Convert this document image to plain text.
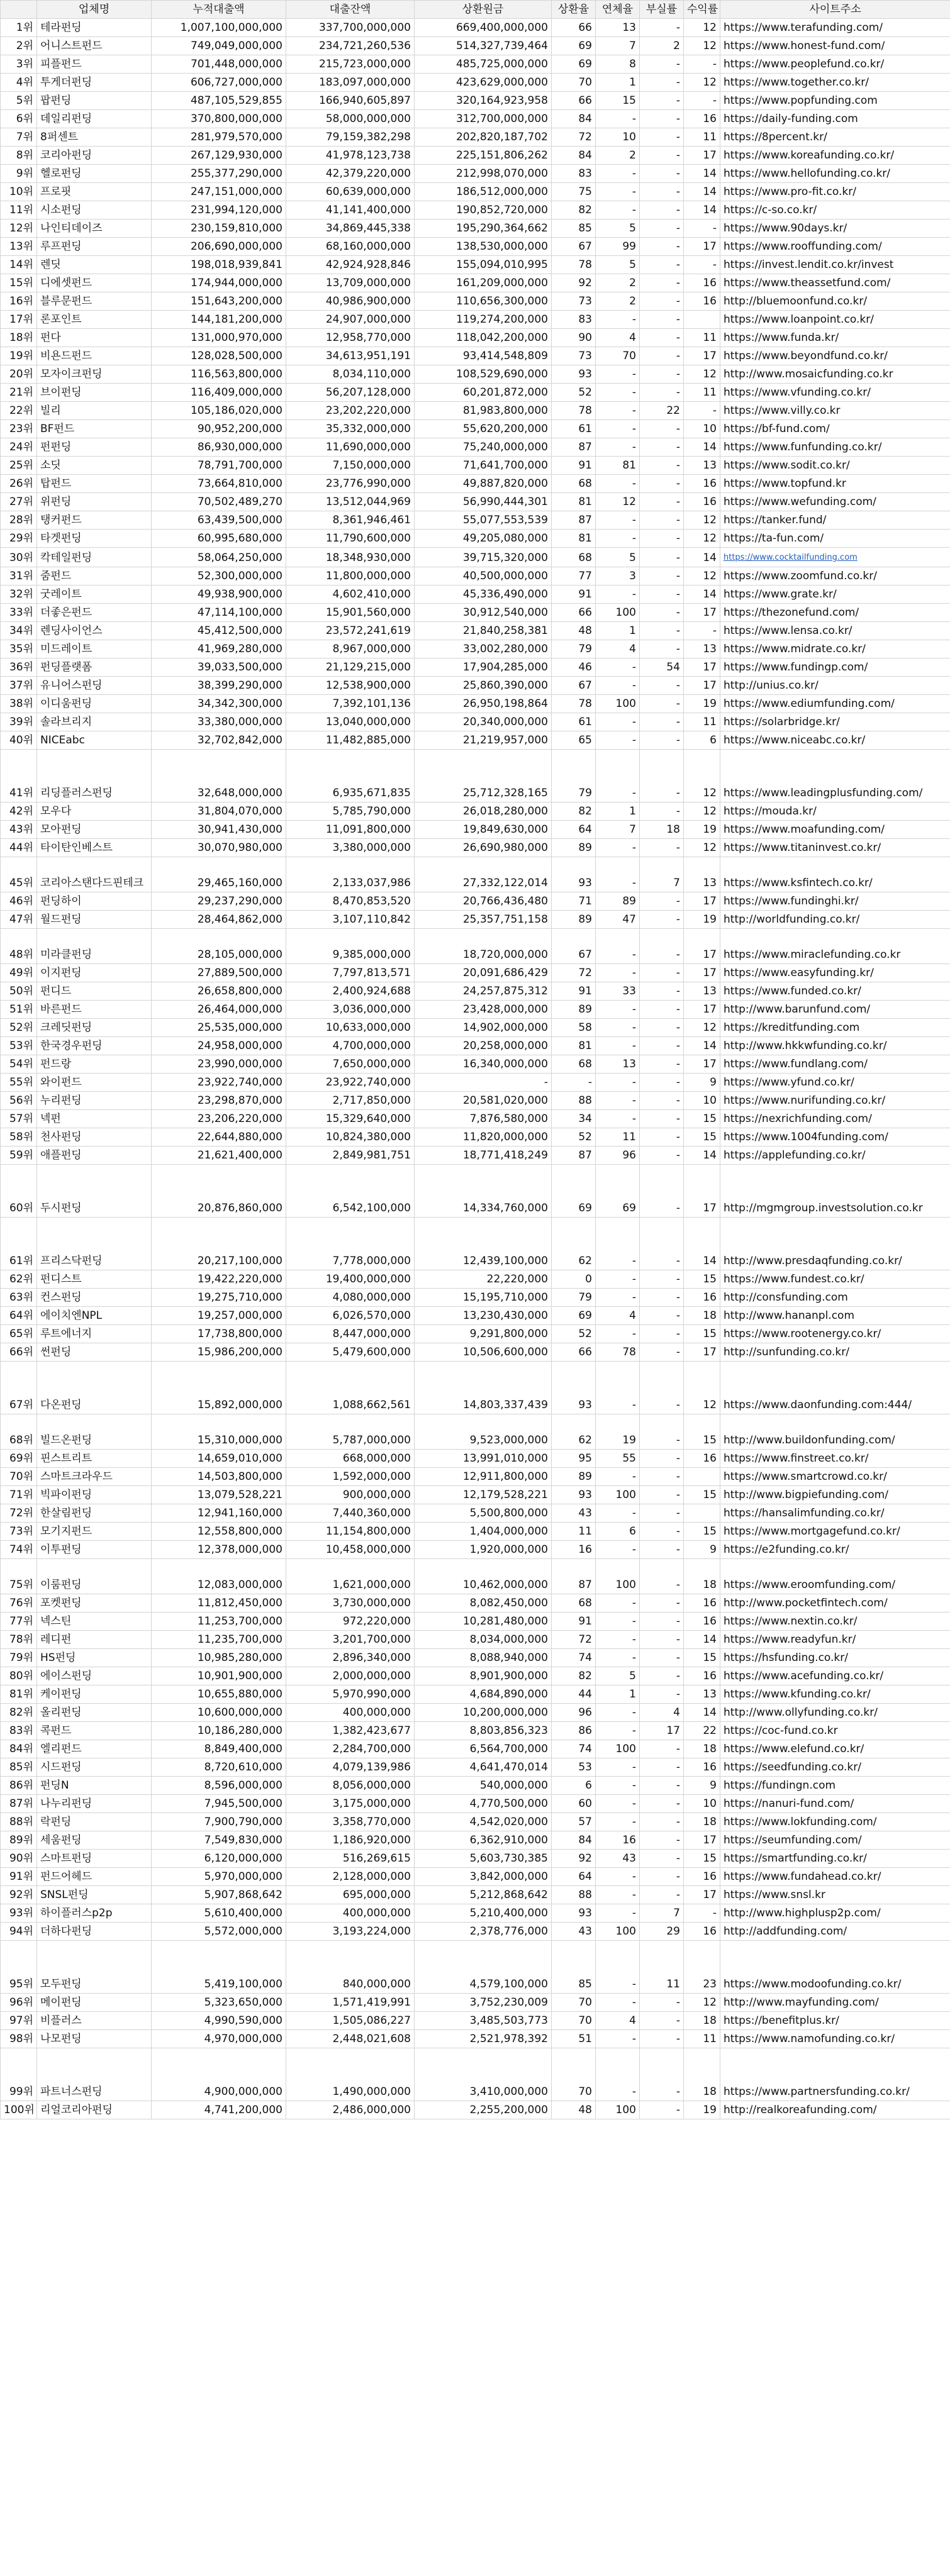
	업체명	누적대출액	대출잔액	상환원금	상환율	연체율	부실률	수익률	사이트주소
1위	테라펀딩	1,007,100,000,000	337,700,000,000	669,400,000,000	66	13	-	12	https://www.terafunding.com/
2위	어니스트펀드	749,049,000,000	234,721,260,536	514,327,739,464	69	7	2	12	https://www.honest-fund.com/
3위	피플펀드	701,448,000,000	215,723,000,000	485,725,000,000	69	8	-	-	https://www.peoplefund.co.kr/
4위	투게더펀딩	606,727,000,000	183,097,000,000	423,629,000,000	70	1	-	12	https://www.together.co.kr/
5위	팝펀딩	487,105,529,855	166,940,605,897	320,164,923,958	66	15	-	-	https://www.popfunding.com
6위	데일리펀딩	370,800,000,000	58,000,000,000	312,700,000,000	84	-	-	16	https://daily-funding.com
7위	8퍼센트	281,979,570,000	79,159,382,298	202,820,187,702	72	10	-	11	https://8percent.kr/
8위	코리아펀딩	267,129,930,000	41,978,123,738	225,151,806,262	84	2	-	17	https://www.koreafunding.co.kr/
9위	헬로펀딩	255,377,290,000	42,379,220,000	212,998,070,000	83	-	-	14	https://www.hellofunding.co.kr/
10위	프로핏	247,151,000,000	60,639,000,000	186,512,000,000	75	-	-	14	https://www.pro-fit.co.kr/
11위	시소펀딩	231,994,120,000	41,141,400,000	190,852,720,000	82	-	-	14	https://c-so.co.kr/
12위	나인티데이즈	230,159,810,000	34,869,445,338	195,290,364,662	85	5	-	-	https://www.90days.kr/
13위	루프펀딩	206,690,000,000	68,160,000,000	138,530,000,000	67	99	-	17	https://www.rooffunding.com/
14위	렌딧	198,018,939,841	42,924,928,846	155,094,010,995	78	5	-	-	https://invest.lendit.co.kr/invest
15위	디에셋펀드	174,944,000,000	13,709,000,000	161,209,000,000	92	2	-	16	https://www.theassetfund.com/
16위	블루문펀드	151,643,200,000	40,986,900,000	110,656,300,000	73	2	-	16	http://bluemoonfund.co.kr/
17위	론포인트	144,181,200,000	24,907,000,000	119,274,200,000	83	-	-		https://www.loanpoint.co.kr/
18위	펀다	131,000,970,000	12,958,770,000	118,042,200,000	90	4	-	11	https://www.funda.kr/
19위	비욘드펀드	128,028,500,000	34,613,951,191	93,414,548,809	73	70	-	17	https://www.beyondfund.co.kr/
20위	모자이크펀딩	116,563,800,000	8,034,110,000	108,529,690,000	93	-	-	12	http://www.mosaicfunding.co.kr
21위	브이펀딩	116,409,000,000	56,207,128,000	60,201,872,000	52	-	-	11	https://www.vfunding.co.kr/
22위	빌리	105,186,020,000	23,202,220,000	81,983,800,000	78	-	22	-	https://www.villy.co.kr
23위	BF펀드	90,952,200,000	35,332,000,000	55,620,200,000	61	-	-	10	https://bf-fund.com/
24위	펀펀딩	86,930,000,000	11,690,000,000	75,240,000,000	87	-	-	14	https://www.funfunding.co.kr/
25위	소딧	78,791,700,000	7,150,000,000	71,641,700,000	91	81	-	13	https://www.sodit.co.kr/
26위	탑펀드	73,664,810,000	23,776,990,000	49,887,820,000	68	-	-	16	https://www.topfund.kr
27위	위펀딩	70,502,489,270	13,512,044,969	56,990,444,301	81	12	-	16	https://www.wefunding.com/
28위	탱커펀드	63,439,500,000	8,361,946,461	55,077,553,539	87	-	-	12	https://tanker.fund/
29위	타겟펀딩	60,995,680,000	11,790,600,000	49,205,080,000	81	-	-	12	https://ta-fun.com/
30위	칵테일펀딩	58,064,250,000	18,348,930,000	39,715,320,000	68	5	-	14	https://www.cocktailfunding.com
31위	줌펀드	52,300,000,000	11,800,000,000	40,500,000,000	77	3	-	12	https://www.zoomfund.co.kr/
32위	굿레이트	49,938,900,000	4,602,410,000	45,336,490,000	91	-	-	14	https://www.grate.kr/
33위	더좋은펀드	47,114,100,000	15,901,560,000	30,912,540,000	66	100	-	17	https://thezonefund.com/
34위	렌딩사이언스	45,412,500,000	23,572,241,619	21,840,258,381	48	1	-	-	https://www.lensa.co.kr/
35위	미드레이트	41,969,280,000	8,967,000,000	33,002,280,000	79	4	-	13	https://www.midrate.co.kr/
36위	펀딩플랫폼	39,033,500,000	21,129,215,000	17,904,285,000	46	-	54	17	https://www.fundingp.com/
37위	유니어스펀딩	38,399,290,000	12,538,900,000	25,860,390,000	67	-	-	17	http://unius.co.kr/
38위	이디움펀딩	34,342,300,000	7,392,101,136	26,950,198,864	78	100	-	19	https://www.ediumfunding.com/
39위	솔라브리지	33,380,000,000	13,040,000,000	20,340,000,000	61	-	-	11	https://solarbridge.kr/
40위	NICEabc	32,702,842,000	11,482,885,000	21,219,957,000	65	-	-	6	https://www.niceabc.co.kr/
41위	리딩플러스펀딩	32,648,000,000	6,935,671,835	25,712,328,165	79	-	-	12	https://www.leadingplusfunding.com/
42위	모우다	31,804,070,000	5,785,790,000	26,018,280,000	82	1	-	12	https://mouda.kr/
43위	모아펀딩	30,941,430,000	11,091,800,000	19,849,630,000	64	7	18	19	https://www.moafunding.com/
44위	타이탄인베스트	30,070,980,000	3,380,000,000	26,690,980,000	89	-	-	12	https://www.titaninvest.co.kr/
45위	코리아스탠다드핀테크	29,465,160,000	2,133,037,986	27,332,122,014	93	-	7	13	https://www.ksfintech.co.kr/
46위	펀딩하이	29,237,290,000	8,470,853,520	20,766,436,480	71	89	-	17	https://www.fundinghi.kr/
47위	월드펀딩	28,464,862,000	3,107,110,842	25,357,751,158	89	47	-	19	http://worldfunding.co.kr/
48위	미라클펀딩	28,105,000,000	9,385,000,000	18,720,000,000	67	-	-	17	https://www.miraclefunding.co.kr
49위	이지펀딩	27,889,500,000	7,797,813,571	20,091,686,429	72	-	-	17	https://www.easyfunding.kr/
50위	펀디드	26,658,800,000	2,400,924,688	24,257,875,312	91	33	-	13	https://www.funded.co.kr/
51위	바른펀드	26,464,000,000	3,036,000,000	23,428,000,000	89	-	-	17	http://www.barunfund.com/
52위	크레딧펀딩	25,535,000,000	10,633,000,000	14,902,000,000	58	-	-	12	https://kreditfunding.com
53위	한국경우펀딩	24,958,000,000	4,700,000,000	20,258,000,000	81	-	-	14	http://www.hkkwfunding.co.kr/
54위	펀드랑	23,990,000,000	7,650,000,000	16,340,000,000	68	13	-	17	https://www.fundlang.com/
55위	와이펀드	23,922,740,000	23,922,740,000	-	-	-	-	9	https://www.yfund.co.kr/
56위	누리펀딩	23,298,870,000	2,717,850,000	20,581,020,000	88	-	-	10	https://www.nurifunding.co.kr/
57위	넥펀	23,206,220,000	15,329,640,000	7,876,580,000	34	-	-	15	https://nexrichfunding.com/
58위	천사펀딩	22,644,880,000	10,824,380,000	11,820,000,000	52	11	-	15	https://www.1004funding.com/
59위	애플펀딩	21,621,400,000	2,849,981,751	18,771,418,249	87	96	-	14	https://applefunding.co.kr/
60위	두시펀딩	20,876,860,000	6,542,100,000	14,334,760,000	69	69	-	17	http://mgmgroup.investsolution.co.kr
61위	프리스닥펀딩	20,217,100,000	7,778,000,000	12,439,100,000	62	-	-	14	http://www.presdaqfunding.co.kr/
62위	펀디스트	19,422,220,000	19,400,000,000	22,220,000	0	-	-	15	https://www.fundest.co.kr/
63위	컨스펀딩	19,275,710,000	4,080,000,000	15,195,710,000	79	-	-	16	http://consfunding.com
64위	에이치엔NPL	19,257,000,000	6,026,570,000	13,230,430,000	69	4	-	18	http://www.hananpl.com
65위	루트에너지	17,738,800,000	8,447,000,000	9,291,800,000	52	-	-	15	https://www.rootenergy.co.kr/
66위	썬펀딩	15,986,200,000	5,479,600,000	10,506,600,000	66	78	-	17	http://sunfunding.co.kr/
67위	다온펀딩	15,892,000,000	1,088,662,561	14,803,337,439	93	-	-	12	https://www.daonfunding.com:444/
68위	빌드온펀딩	15,310,000,000	5,787,000,000	9,523,000,000	62	19	-	15	http://www.buildonfunding.com/
69위	핀스트리트	14,659,010,000	668,000,000	13,991,010,000	95	55	-	16	https://www.finstreet.co.kr/
70위	스마트크라우드	14,503,800,000	1,592,000,000	12,911,800,000	89	-	-		https://www.smartcrowd.co.kr/
71위	빅파이펀딩	13,079,528,221	900,000,000	12,179,528,221	93	100	-	15	http://www.bigpiefunding.com/
72위	한살림펀딩	12,941,160,000	7,440,360,000	5,500,800,000	43	-	-		https://hansalimfunding.co.kr/
73위	모기지펀드	12,558,800,000	11,154,800,000	1,404,000,000	11	6	-	15	https://www.mortgagefund.co.kr/
74위	이투펀딩	12,378,000,000	10,458,000,000	1,920,000,000	16	-	-	9	https://e2funding.co.kr/
75위	이룸펀딩	12,083,000,000	1,621,000,000	10,462,000,000	87	100	-	18	https://www.eroomfunding.com/
76위	포켓펀딩	11,812,450,000	3,730,000,000	8,082,450,000	68	-	-	16	http://www.pocketfintech.com/
77위	넥스틴	11,253,700,000	972,220,000	10,281,480,000	91	-	-	16	https://www.nextin.co.kr/
78위	레디펀	11,235,700,000	3,201,700,000	8,034,000,000	72	-	-	14	https://www.readyfun.kr/
79위	HS펀딩	10,985,280,000	2,896,340,000	8,088,940,000	74	-	-	15	https://hsfunding.co.kr/
80위	에이스펀딩	10,901,900,000	2,000,000,000	8,901,900,000	82	5	-	16	https://www.acefunding.co.kr/
81위	케이펀딩	10,655,880,000	5,970,990,000	4,684,890,000	44	1	-	13	https://www.kfunding.co.kr/
82위	올리펀딩	10,600,000,000	400,000,000	10,200,000,000	96	-	4	14	http://www.ollyfunding.co.kr/
83위	콕펀드	10,186,280,000	1,382,423,677	8,803,856,323	86	-	17	22	https://coc-fund.co.kr
84위	엘리펀드	8,849,400,000	2,284,700,000	6,564,700,000	74	100	-	18	https://www.elefund.co.kr/
85위	시드펀딩	8,720,610,000	4,079,139,986	4,641,470,014	53	-	-	16	https://seedfunding.co.kr/
86위	펀딩N	8,596,000,000	8,056,000,000	540,000,000	6	-	-	9	https://fundingn.com
87위	나누리펀딩	7,945,500,000	3,175,000,000	4,770,500,000	60	-	-	10	https://nanuri-fund.com/
88위	락펀딩	7,900,790,000	3,358,770,000	4,542,020,000	57	-	-	18	https://www.lokfunding.com/
89위	세움펀딩	7,549,830,000	1,186,920,000	6,362,910,000	84	16	-	17	https://seumfunding.com/
90위	스마트펀딩	6,120,000,000	516,269,615	5,603,730,385	92	43	-	15	https://smartfunding.co.kr/
91위	펀드어헤드	5,970,000,000	2,128,000,000	3,842,000,000	64	-	-	16	https://www.fundahead.co.kr/
92위	SNSL펀딩	5,907,868,642	695,000,000	5,212,868,642	88	-	-	17	https://www.snsl.kr
93위	하이플러스p2p	5,610,400,000	400,000,000	5,210,400,000	93	-	7	-	http://www.highplusp2p.com/
94위	더하다펀딩	5,572,000,000	3,193,224,000	2,378,776,000	43	100	29	16	http://addfunding.com/
95위	모두펀딩	5,419,100,000	840,000,000	4,579,100,000	85	-	11	23	https://www.modoofunding.co.kr/
96위	메이펀딩	5,323,650,000	1,571,419,991	3,752,230,009	70	-	-	12	http://www.mayfunding.com/
97위	비플러스	4,990,590,000	1,505,086,227	3,485,503,773	70	4	-	18	https://benefitplus.kr/
98위	나모펀딩	4,970,000,000	2,448,021,608	2,521,978,392	51	-	-	11	https://www.namofunding.co.kr/
99위	파트너스펀딩	4,900,000,000	1,490,000,000	3,410,000,000	70	-	-	18	https://www.partnersfunding.co.kr/
100위	리얼코리아펀딩	4,741,200,000	2,486,000,000	2,255,200,000	48	100	-	19	http://realkoreafunding.com/
